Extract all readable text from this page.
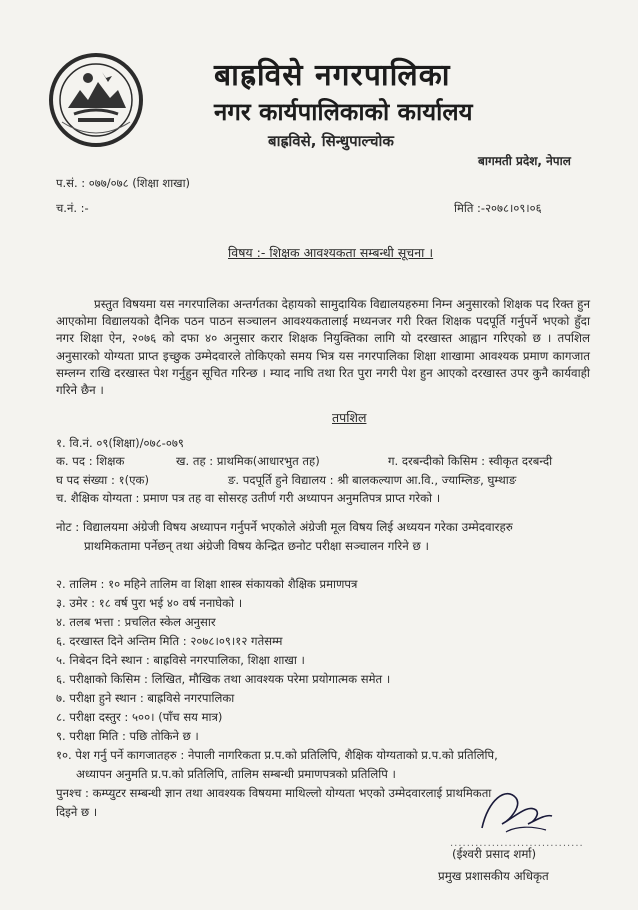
बाह्रविसे नगरपालिका
नगर कार्यपालिकाको कार्यालय
बाह्रविसे, सिन्धुपाल्चोक
बागमती प्रदेश, नेपाल
प.सं. : ०७७/०७८ (शिक्षा शाखा)
च.नं. :-	मिति :-२०७८।०९।०६
विषय :- शिक्षक आवश्यकता सम्बन्धी सूचना ।

प्रस्तुत विषयमा यस नगरपालिका अन्तर्गतका देहायको सामुदायिक विद्यालयहरुमा निम्न अनुसारको शिक्षक पद रिक्त हुन आएकोमा विद्यालयको दैनिक पठन पाठन सञ्चालन आवश्यकतालाई मध्यनजर गरी रिक्त शिक्षक पदपूर्ति गर्नुपर्ने भएको हुँदा नगर शिक्षा ऐन, २०७६ को दफा ४० अनुसार करार शिक्षक नियुक्तिका लागि यो दरखास्त आह्वान गरिएको छ । तपशिल अनुसारको योग्यता प्राप्त इच्छुक उम्मेदवारले तोकिएको समय भित्र यस नगरपालिका शिक्षा शाखामा आवश्यक प्रमाण कागजात सम्लग्न राखि दरखास्त पेश गर्नुहुन सूचित गरिन्छ । म्याद नाघि तथा रित पुरा नगरी पेश हुन आएको दरखास्त उपर कुनै कार्यवाही गरिने छैन ।

तपशिल
१. वि.नं. ०९(शिक्षा)/०७८-०७९
क. पद : शिक्षक	ख. तह : प्राथमिक(आधारभुत तह)	ग. दरबन्दीको किसिम : स्वीकृत दरबन्दी
घ पद संख्या : १(एक)	ङ. पदपूर्ति हुने विद्यालय : श्री बालकल्याण आ.वि., ज्याम्लिङ, घुम्थाङ
च. शैक्षिक योग्यता : प्रमाण पत्र तह वा सोसरह उतीर्ण गरी अध्यापन अनुमतिपत्र प्राप्त गरेको ।
नोट : विद्यालयमा अंग्रेजी विषय अध्यापन गर्नुपर्ने भएकोले अंग्रेजी मूल विषय लिई अध्ययन गरेका उम्मेदवारहरु
प्राथमिकतामा पर्नेछन् तथा अंग्रेजी विषय केन्द्रित छनोट परीक्षा सञ्चालन गरिने छ ।
२. तालिम : १० महिने तालिम वा शिक्षा शास्त्र संकायको शैक्षिक प्रमाणपत्र
३. उमेर : १८ वर्ष पुरा भई ४० वर्ष ननाघेको ।
४. तलब भत्ता : प्रचलित स्केल अनुसार
६. दरखास्त दिने अन्तिम मिति : २०७८।०९।१२ गतेसम्म
५. निबेदन दिने स्थान : बाह्रविसे नगरपालिका, शिक्षा शाखा ।
६. परीक्षाको किसिम : लिखित, मौखिक तथा आवश्यक परेमा प्रयोगात्मक समेत ।
७. परीक्षा हुने स्थान : बाह्रविसे नगरपालिका
८. परीक्षा दस्तुर : ५००। (पाँच सय मात्र)
९. परीक्षा मिति : पछि तोकिने छ ।
१०. पेश गर्नु पर्ने कागजातहरु : नेपाली नागरिकता प्र.प.को प्रतिलिपि, शैक्षिक योग्यताको प्र.प.को प्रतिलिपि,
अध्यापन अनुमति प्र.प.को प्रतिलिपि, तालिम सम्बन्धी प्रमाणपत्रको प्रतिलिपि ।
पुनश्च : कम्प्युटर सम्बन्धी ज्ञान तथा आवश्यक विषयमा माथिल्लो योग्यता भएको उम्मेदवारलाई प्राथमिकता
दिइने छ ।
................................
(ईश्वरी प्रसाद शर्मा)
प्रमुख प्रशासकीय अधिकृत
